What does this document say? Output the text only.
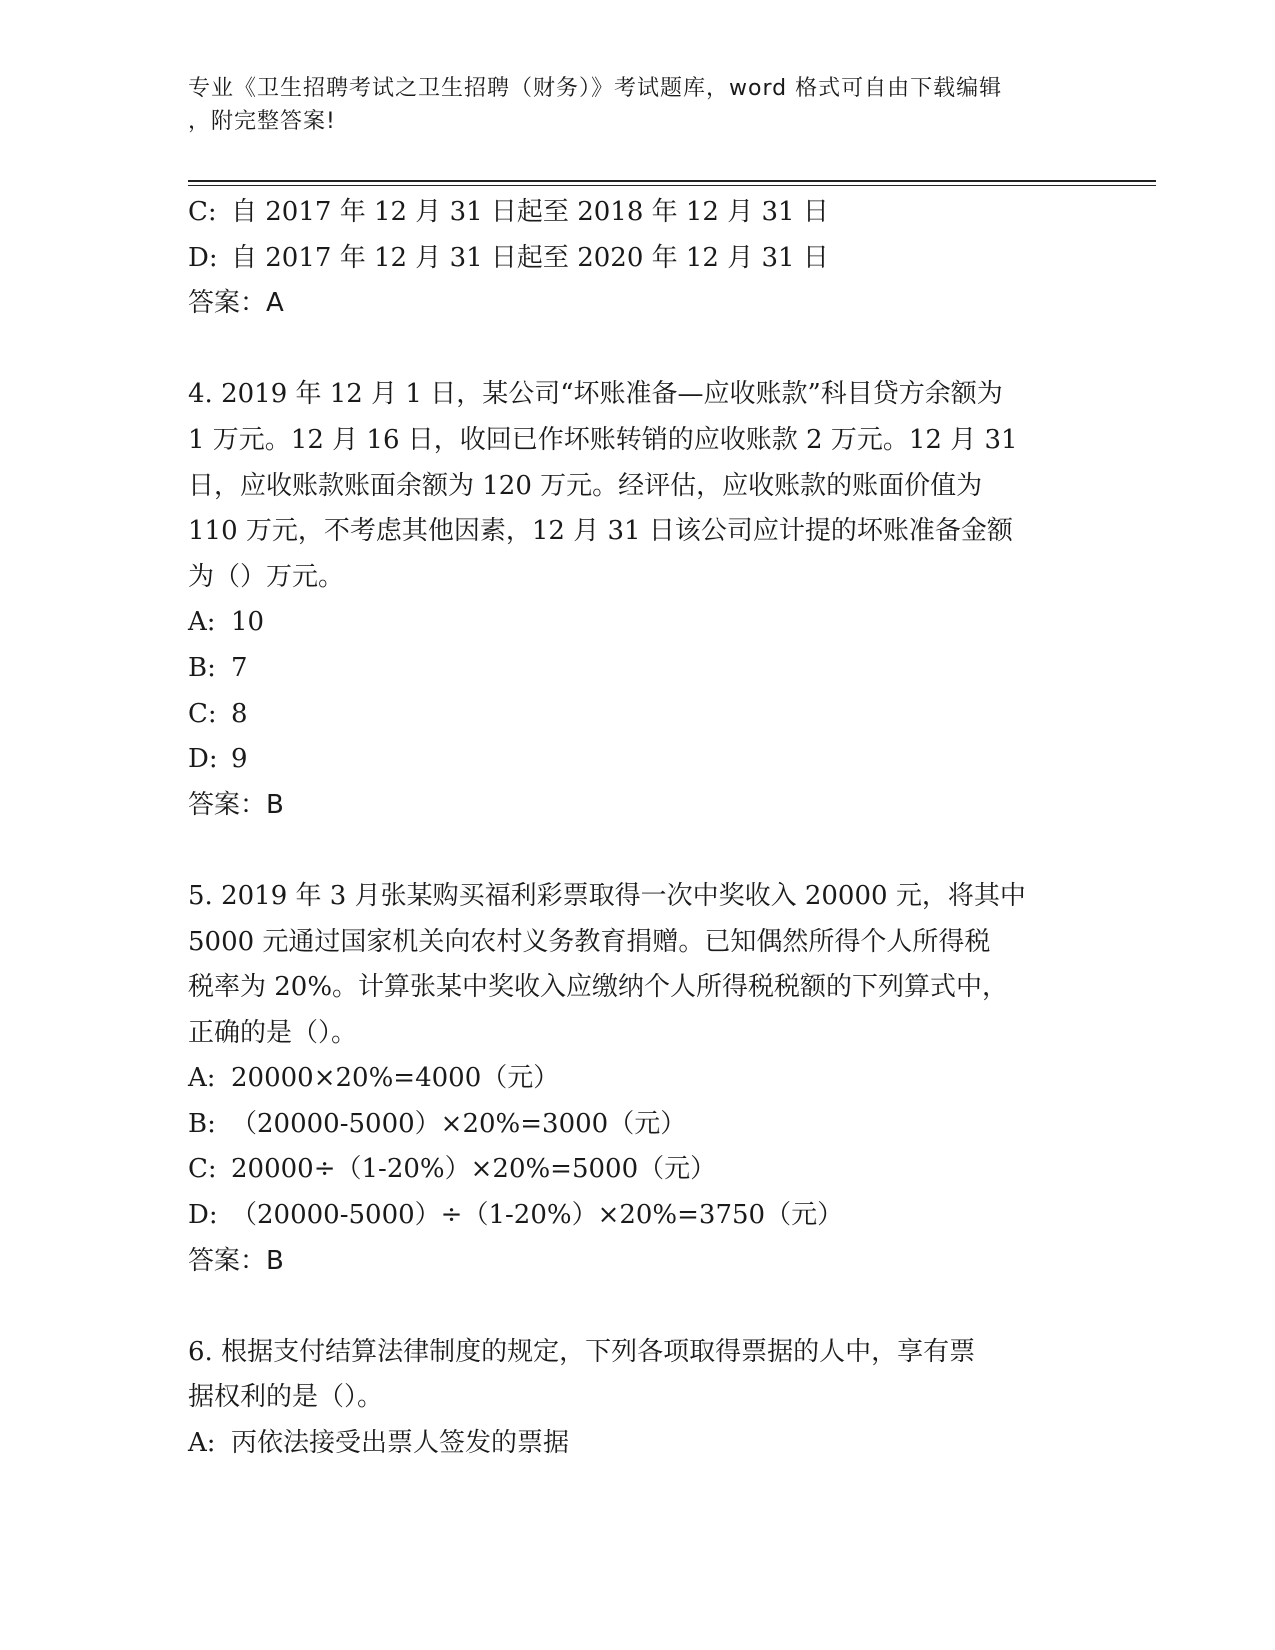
专业《卫生招聘考试之卫生招聘（财务）》考试题库，word 格式可自由下载编辑
，附完整答案!
C: 自 2017 年 12 月 31 日起至 2018 年 12 月 31 日
D: 自 2017 年 12 月 31 日起至 2020 年 12 月 31 日
答案：A
4. 2019 年 12 月 1 日，某公司“坏账准备—应收账款”科目贷方余额为
1 万元。12 月 16 日，收回已作坏账转销的应收账款 2 万元。12 月 31
日，应收账款账面余额为 120 万元。经评估，应收账款的账面价值为
110 万元，不考虑其他因素，12 月 31 日该公司应计提的坏账准备金额
为（）万元。
A: 10
B: 7
C: 8
D: 9
答案：B
5. 2019 年 3 月张某购买福利彩票取得一次中奖收入 20000 元，将其中
5000 元通过国家机关向农村义务教育捐赠。已知偶然所得个人所得税
税率为 20%。计算张某中奖收入应缴纳个人所得税税额的下列算式中，
正确的是（）。
A: 20000×20%=4000（元）
B: （20000-5000）×20%=3000（元）
C: 20000÷（1-20%）×20%=5000（元）
D: （20000-5000）÷（1-20%）×20%=3750（元）
答案：B
6. 根据支付结算法律制度的规定，下列各项取得票据的人中，享有票
据权利的是（）。
A: 丙依法接受出票人签发的票据
